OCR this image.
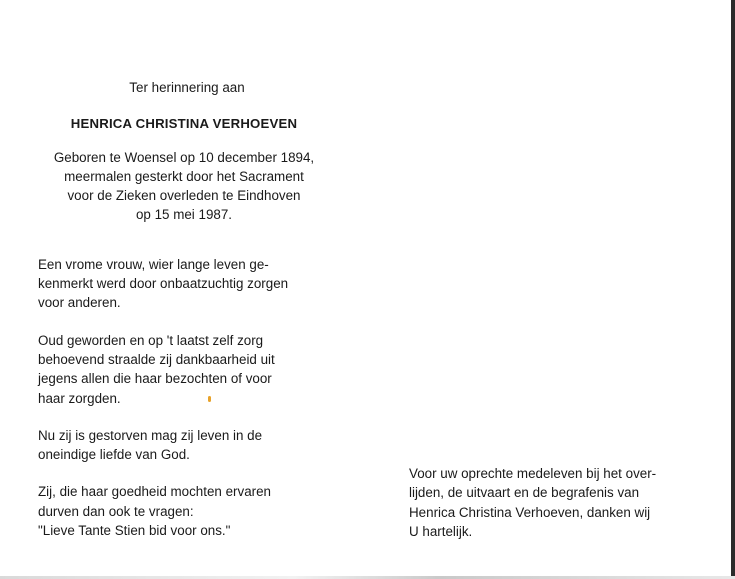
Ter herinnering aan

HENRICA CHRISTINA VERHOEVEN

Geboren te Woensel op 10 december 1894,
meermalen gesterkt door het Sacrament
voor de Zieken overleden te Eindhoven
op 15 mei 1987.

Een vrome vrouw, wier lange leven ge-
kenmerkt werd door onbaatzuchtig zorgen
voor anderen.

Oud geworden en op 't laatst zelf zorg
behoevend straalde zij dankbaarheid uit
jegens allen die haar bezochten of voor
haar zorgden.

Nu zij is gestorven mag zij leven in de
oneindige liefde van God.

Zij, die haar goedheid mochten ervaren
durven dan ook te vragen:
"Lieve Tante Stien bid voor ons."

Voor uw oprechte medeleven bij het over-
lijden, de uitvaart en de begrafenis van
Henrica Christina Verhoeven, danken wij
U hartelijk.
